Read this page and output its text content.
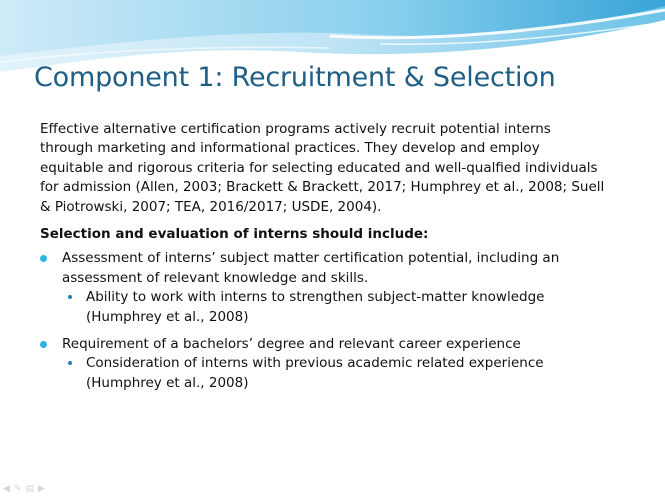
Component 1: Recruitment & Selection

Effective alternative certification programs actively recruit potential interns
through marketing and informational practices. They develop and employ
equitable and rigorous criteria for selecting educated and well-qualfied individuals
for admission (Allen, 2003; Brackett & Brackett, 2017; Humphrey et al., 2008; Suell
& Piotrowski, 2007; TEA, 2016/2017; USDE, 2004).

Selection and evaluation of interns should include:
Assessment of interns’ subject matter certification potential, including an
assessment of relevant knowledge and skills.
Ability to work with interns to strengthen subject-matter knowledge
(Humphrey et al., 2008)
Requirement of a bachelors’ degree and relevant career experience
Consideration of interns with previous academic related experience
(Humphrey et al., 2008)
◀ ✎ ▤ ▶
